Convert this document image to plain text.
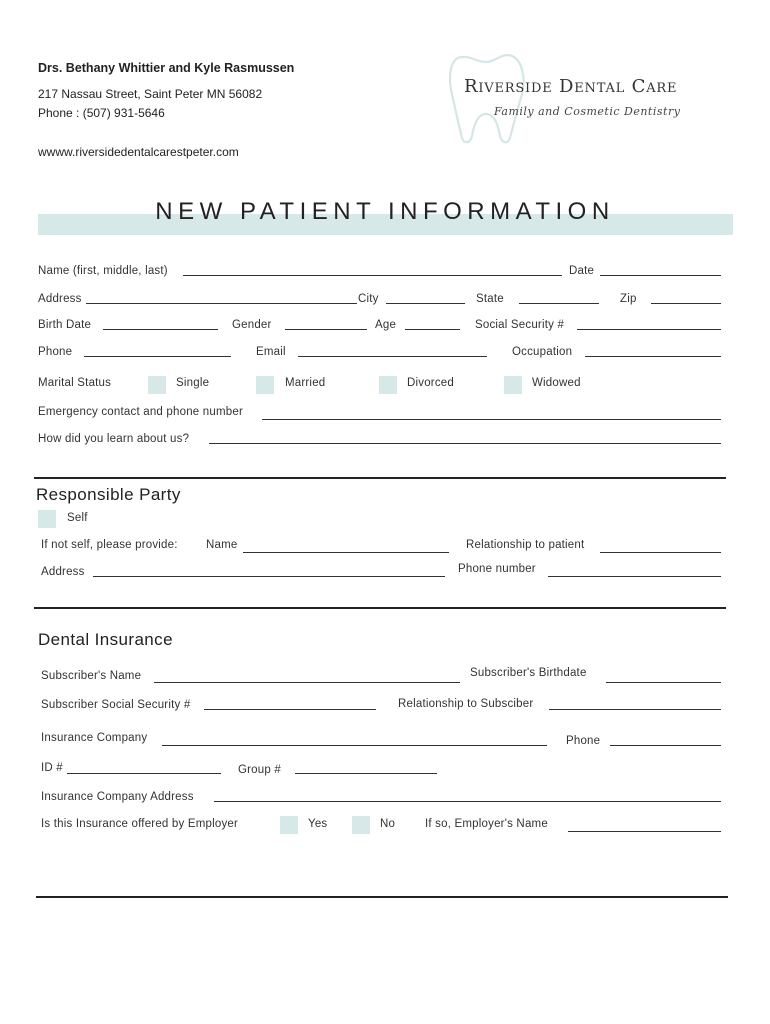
Drs. Bethany Whittier and Kyle Rasmussen
217 Nassau Street, Saint Peter MN 56082
Phone : (507) 931-5646
wwww.riversidedentalcarestpeter.com
Riverside Dental Care
Family and Cosmetic Dentistry
NEW PATIENT INFORMATION
Name (first, middle, last)	Date
Address	City	State	Zip
Birth Date	Gender	Age	Social Security #
Phone	Email	Occupation
Marital Status	Single	Married	Divorced	Widowed
Emergency contact and phone number
How did you learn about us?
Responsible Party
Self
If not self, please provide: Name	Relationship to patient
Address	Phone number
Dental Insurance
Subscriber's Name	Subscriber's Birthdate
Subscriber Social Security #	Relationship to Subsciber
Insurance Company	Phone
ID #	Group #
Insurance Company Address
Is this Insurance offered by Employer	Yes	No	If so, Employer's Name
